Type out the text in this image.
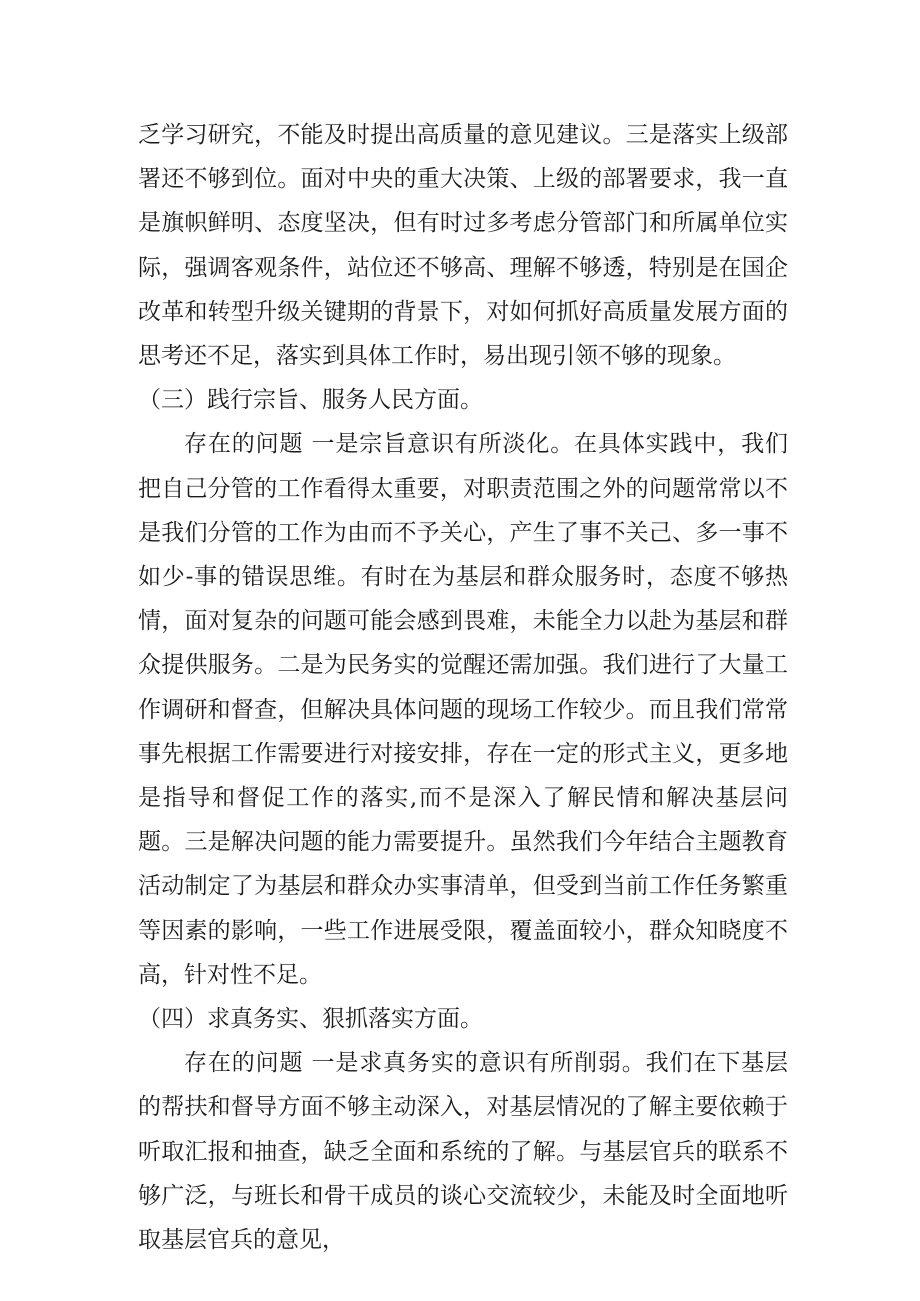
乏学习研究，不能及时提出高质量的意见建议。三是落实上级部署还不够到位。面对中央的重大决策、上级的部署要求，我一直是旗帜鲜明、态度坚决，但有时过多考虑分管部门和所属单位实际，强调客观条件，站位还不够高、理解不够透，特别是在国企改革和转型升级关键期的背景下，对如何抓好高质量发展方面的思考还不足，落实到具体工作时，易出现引领不够的现象。

（三）践行宗旨、服务人民方面。

存在的问题 一是宗旨意识有所淡化。在具体实践中，我们把自己分管的工作看得太重要，对职责范围之外的问题常常以不是我们分管的工作为由而不予关心，产生了事不关己、多一事不如少-事的错误思维。有时在为基层和群众服务时，态度不够热情，面对复杂的问题可能会感到畏难，未能全力以赴为基层和群众提供服务。二是为民务实的觉醒还需加强。我们进行了大量工作调研和督查，但解决具体问题的现场工作较少。而且我们常常事先根据工作需要进行对接安排，存在一定的形式主义，更多地是指导和督促工作的落实,而不是深入了解民情和解决基层问题。三是解决问题的能力需要提升。虽然我们今年结合主题教育活动制定了为基层和群众办实事清单，但受到当前工作任务繁重等因素的影响，一些工作进展受限，覆盖面较小，群众知晓度不高，针对性不足。

（四）求真务实、狠抓落实方面。

存在的问题 一是求真务实的意识有所削弱。我们在下基层的帮扶和督导方面不够主动深入，对基层情况的了解主要依赖于听取汇报和抽查，缺乏全面和系统的了解。与基层官兵的联系不够广泛，与班长和骨干成员的谈心交流较少，未能及时全面地听取基层官兵的意见，
